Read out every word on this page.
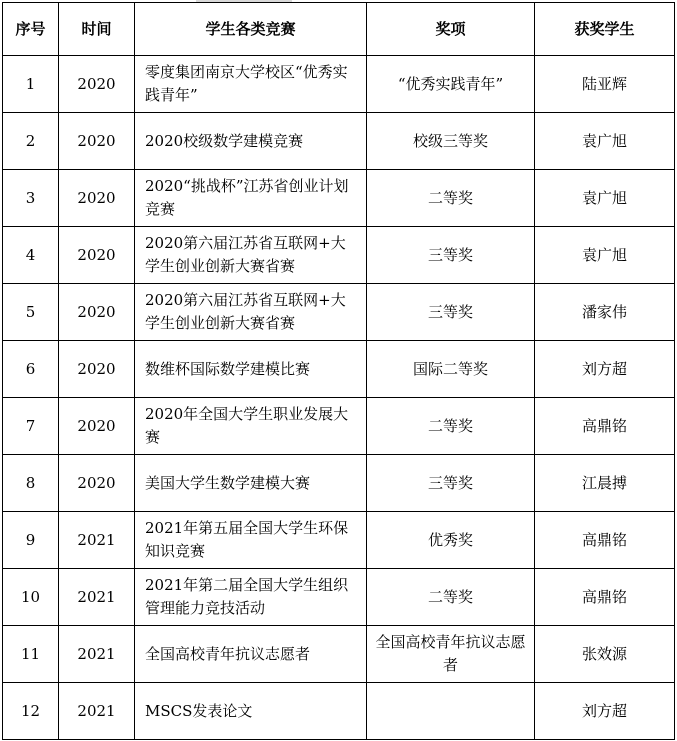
序号	时间	学生各类竞赛	奖项	获奖学生
1	2020	零度集团南京大学校区“优秀实践青年”	“优秀实践青年”	陆亚辉
2	2020	2020校级数学建模竞赛	校级三等奖	袁广旭
3	2020	2020“挑战杯”江苏省创业计划竞赛	二等奖	袁广旭
4	2020	2020第六届江苏省互联网+大学生创业创新大赛省赛	三等奖	袁广旭
5	2020	2020第六届江苏省互联网+大学生创业创新大赛省赛	三等奖	潘家伟
6	2020	数维杯国际数学建模比赛	国际二等奖	刘方超
7	2020	2020年全国大学生职业发展大赛	二等奖	高鼎铭
8	2020	美国大学生数学建模大赛	三等奖	江晨搏
9	2021	2021年第五届全国大学生环保知识竞赛	优秀奖	高鼎铭
10	2021	2021年第二届全国大学生组织管理能力竞技活动	二等奖	高鼎铭
11	2021	全国高校青年抗议志愿者	全国高校青年抗议志愿者	张效源
12	2021	MSCS发表论文		刘方超
